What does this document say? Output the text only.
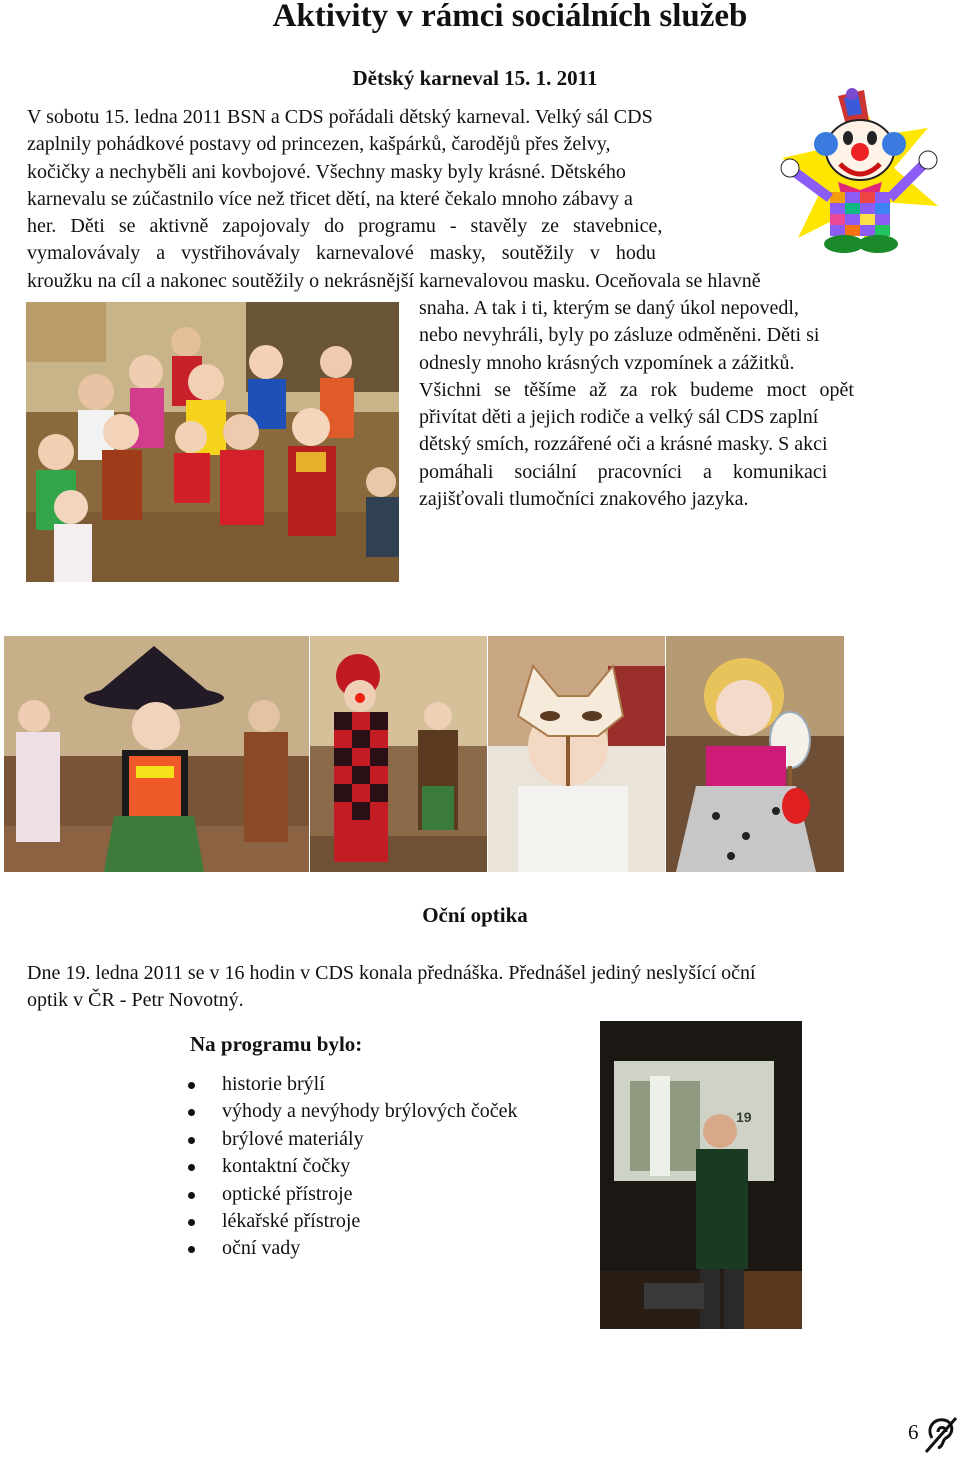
Aktivity v rámci sociálních služeb
Dětský karneval 15. 1. 2011
V sobotu 15. ledna 2011 BSN a CDS pořádali dětský karneval. Velký sál CDS
zaplnily pohádkové postavy od princezen, kašpárků, čarodějů přes želvy,
kočičky a nechyběli ani kovbojové. Všechny masky byly krásné. Dětského
karnevalu se zúčastnilo více než třicet dětí, na které čekalo mnoho zábavy a
her. Děti se aktivně zapojovaly do programu - stavěly ze stavebnice,
vymalovávaly a vystřihovávaly karnevalové masky, soutěžily v hodu
kroužku na cíl a nakonec soutěžily o nekrásnější karnevalovou masku. Oceňovala se hlavně
snaha. A tak i ti, kterým se daný úkol nepovedl,
nebo nevyhráli, byly po zásluze odměněni. Děti si
odnesly mnoho krásných vzpomínek a zážitků.
Všichni se těšíme až za rok budeme moct opět
přivítat děti a jejich rodiče a velký sál CDS zaplní
dětský smích, rozzářené oči a krásné masky. S akci
pomáhali sociální pracovníci a komunikaci
zajišťovali tlumočníci znakového jazyka.
Oční optika
Dne 19. ledna 2011 se v 16 hodin v CDS konala přednáška. Přednášel jediný neslyšící oční
optik v ČR - Petr Novotný.
Na programu bylo:
historie brýlí
výhody a nevýhody brýlových čoček
brýlové materiály
kontaktní čočky
optické přístroje
lékařské přístroje
oční vady
19
6
